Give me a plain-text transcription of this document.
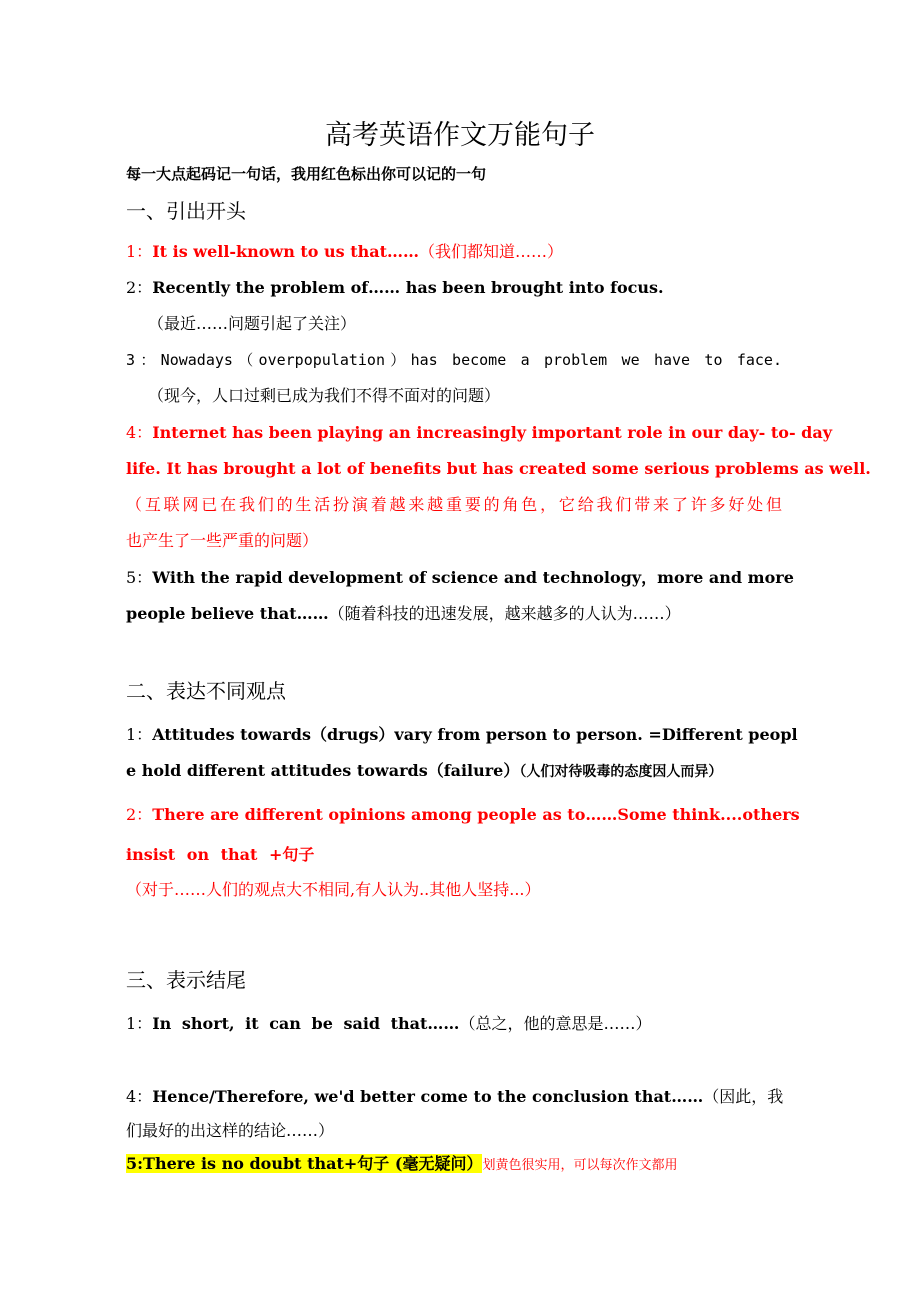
高考英语作文万能句子
每一大点起码记一句话，我用红色标出你可以记的一句
一、引出开头
1：It is well-known to us that……（我们都知道……）
2：Recently the problem of…… has been brought into focus.
（最近……问题引起了关注）
3：Nowadays（overpopulation）has become a problem we have to face.
（现今，人口过剩已成为我们不得不面对的问题）
4：Internet has been playing an increasingly important role in our day- to- day
life. It has brought a lot of benefits but has created some serious problems as well.
（互联网已在我们的生活扮演着越来越重要的角色，它给我们带来了许多好处但
也产生了一些严重的问题）
5：With the rapid development of science and technology，more and more
people believe that……（随着科技的迅速发展，越来越多的人认为……）
二、表达不同观点
1：Attitudes towards（drugs）vary from person to person. =Different peopl
e hold different attitudes towards（failure）（人们对待吸毒的态度因人而异）
2：There are different opinions among people as to……Some think....others
insist on that +句子
（对于……人们的观点大不相同,有人认为..其他人坚持...）
三、表示结尾
1：In short, it can be said that……（总之，他的意思是……）
4：Hence/Therefore, we'd better come to the conclusion that……（因此，我
们最好的出这样的结论……）
5:There is no doubt that+句子 (毫无疑问）划黄色很实用，可以每次作文都用
